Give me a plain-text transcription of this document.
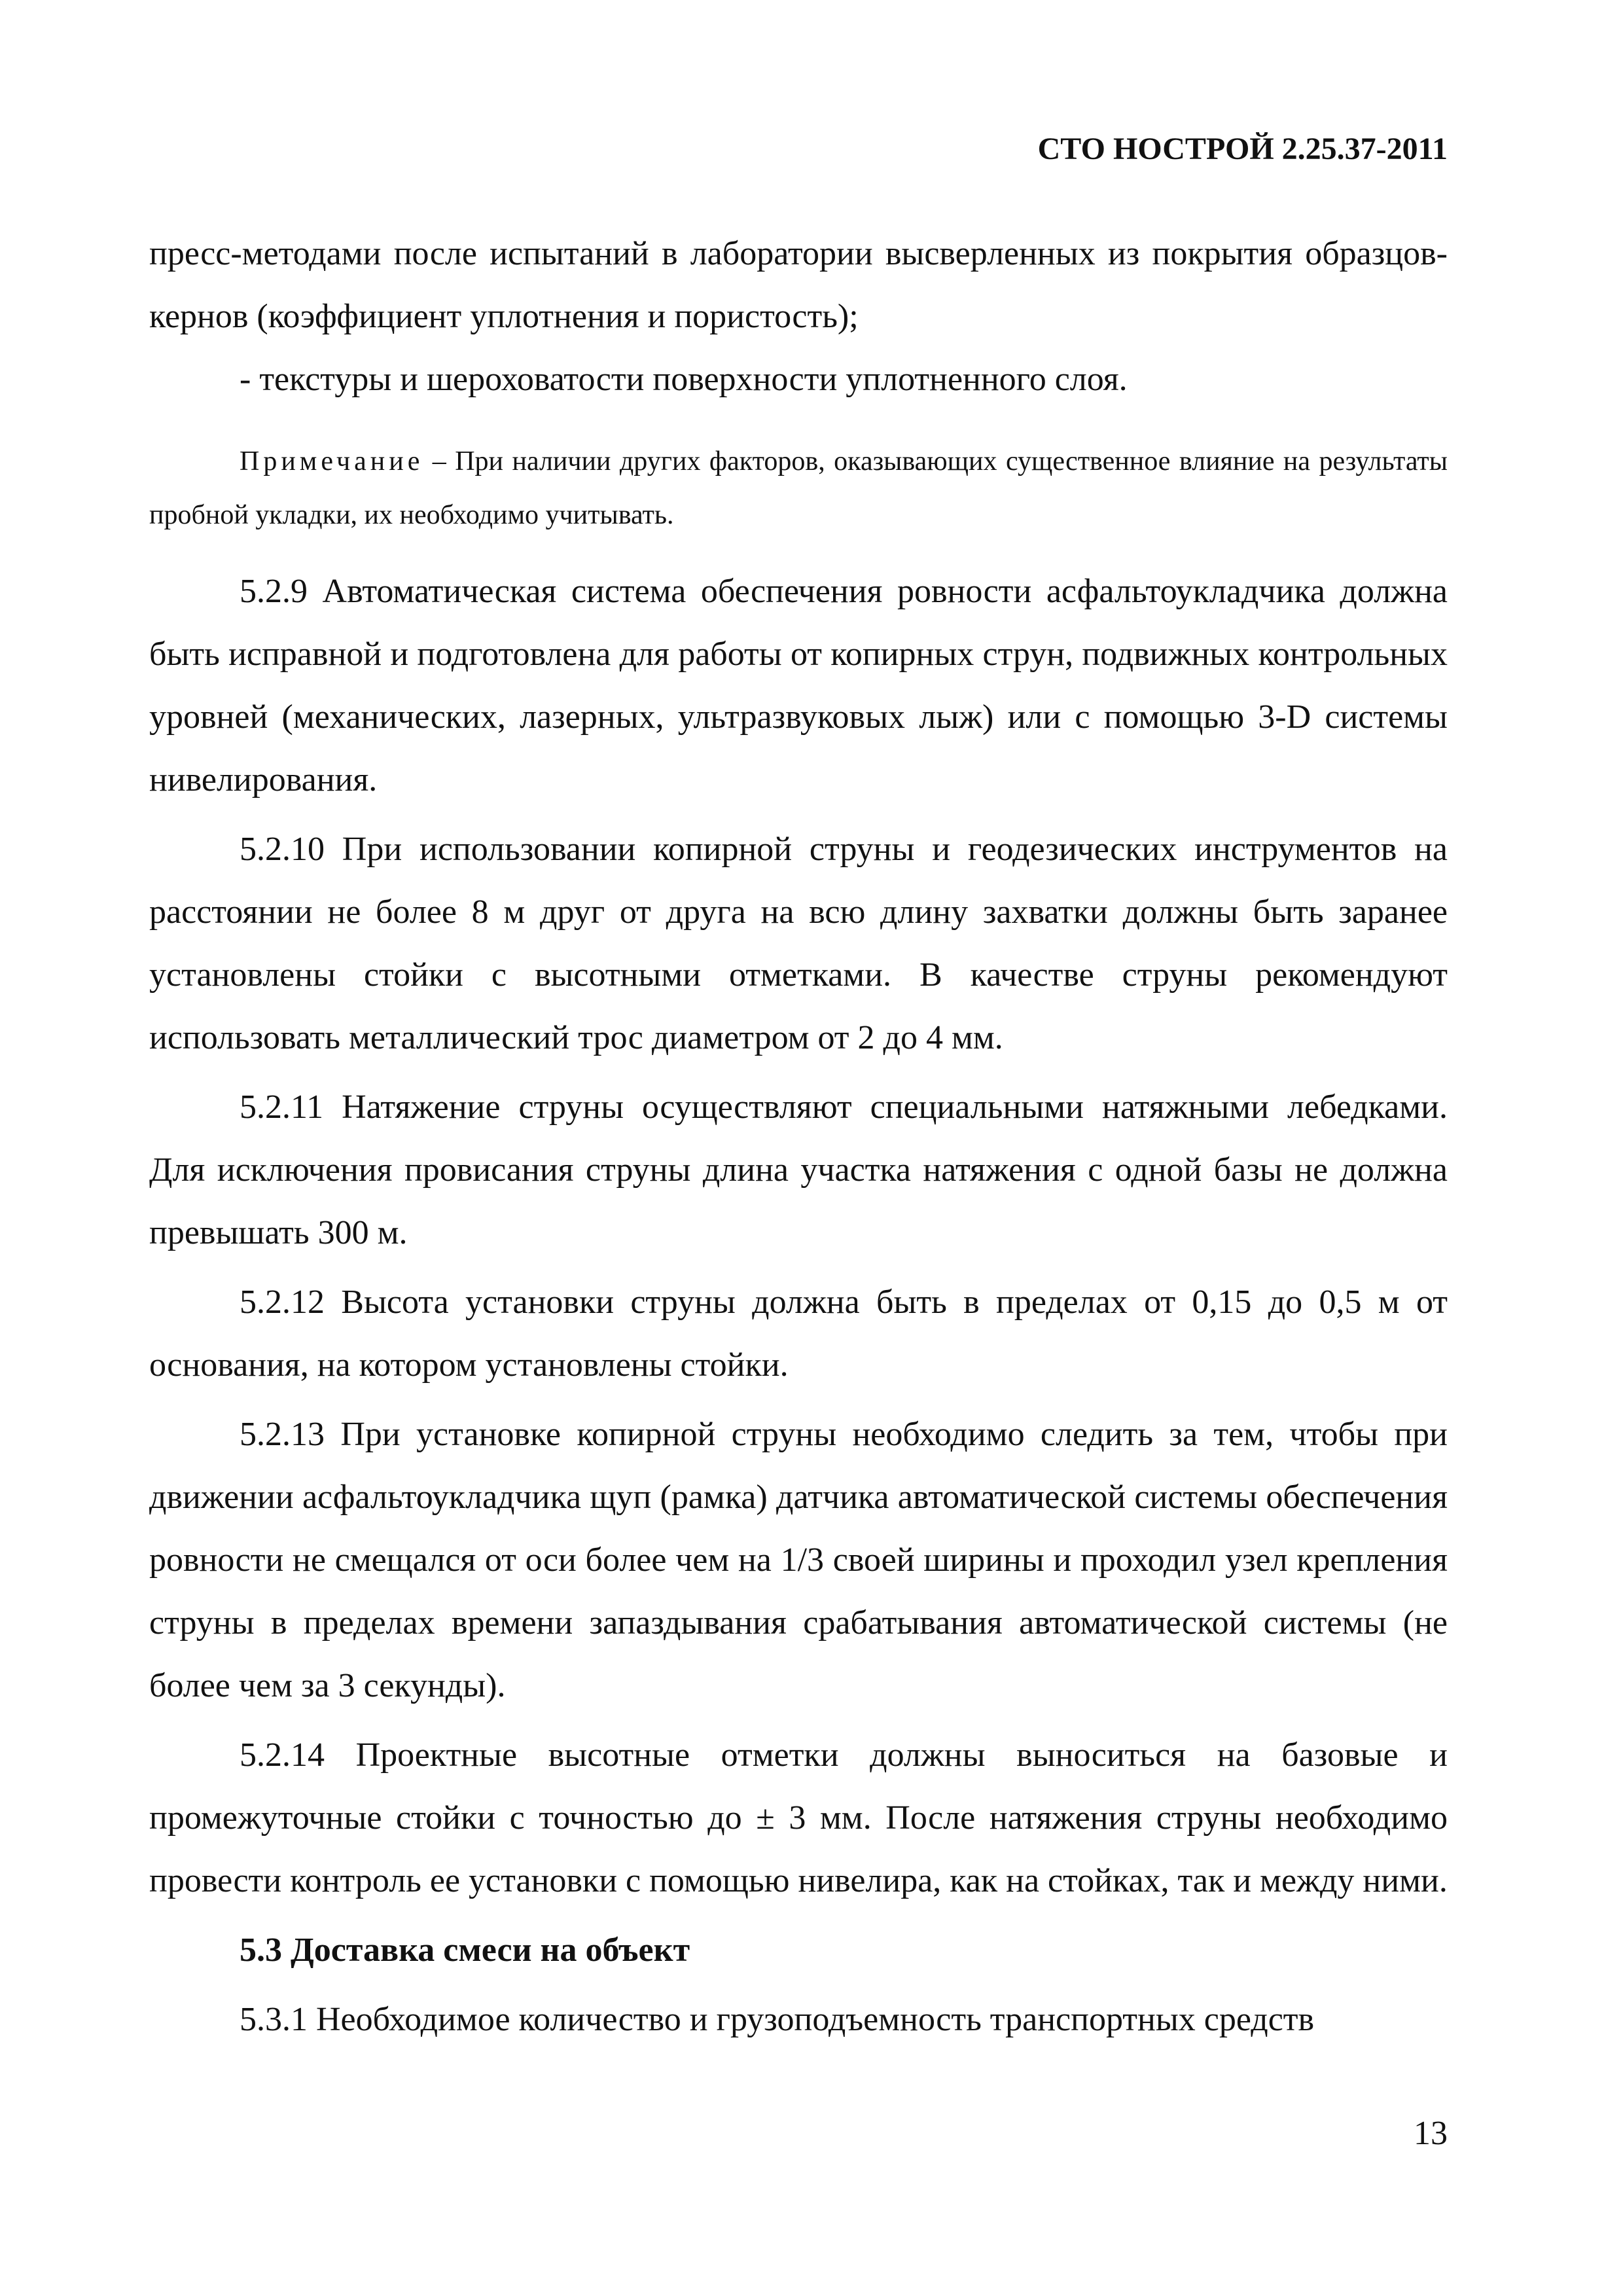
СТО НОСТРОЙ 2.25.37-2011

пресс-методами после испытаний в лаборатории высверленных из покрытия образцов-кернов (коэффициент уплотнения и пористость);

- текстуры и шероховатости поверхности уплотненного слоя.

Примечание – При наличии других факторов, оказывающих существенное влияние на результаты пробной укладки, их необходимо учитывать.

5.2.9 Автоматическая система обеспечения ровности асфальтоукладчика должна быть исправной и подготовлена для работы от копирных струн, подвижных контрольных уровней (механических, лазерных, ультразвуковых лыж) или с помощью 3-D системы нивелирования.

5.2.10 При использовании копирной струны и геодезических инструментов на расстоянии не более 8 м друг от друга на всю длину захватки должны быть заранее установлены стойки с высотными отметками. В качестве струны рекомендуют использовать металлический трос диаметром от 2 до 4 мм.

5.2.11 Натяжение струны осуществляют специальными натяжными лебедками. Для исключения провисания струны длина участка натяжения с одной базы не должна превышать 300 м.

5.2.12 Высота установки струны должна быть в пределах от 0,15 до 0,5 м от основания, на котором установлены стойки.

5.2.13 При установке копирной струны необходимо следить за тем, чтобы при движении асфальтоукладчика щуп (рамка) датчика автоматической системы обеспечения ровности не смещался от оси более чем на 1/3 своей ширины и проходил узел крепления струны в пределах времени запаздывания срабатывания автоматической системы (не более чем за 3 секунды).

5.2.14 Проектные высотные отметки должны выноситься на базовые и промежуточные стойки с точностью до ± 3 мм. После натяжения струны необходимо провести контроль ее установки с помощью нивелира, как на стойках, так и между ними.

5.3 Доставка смеси на объект

5.3.1 Необходимое количество и грузоподъемность транспортных средств

13
